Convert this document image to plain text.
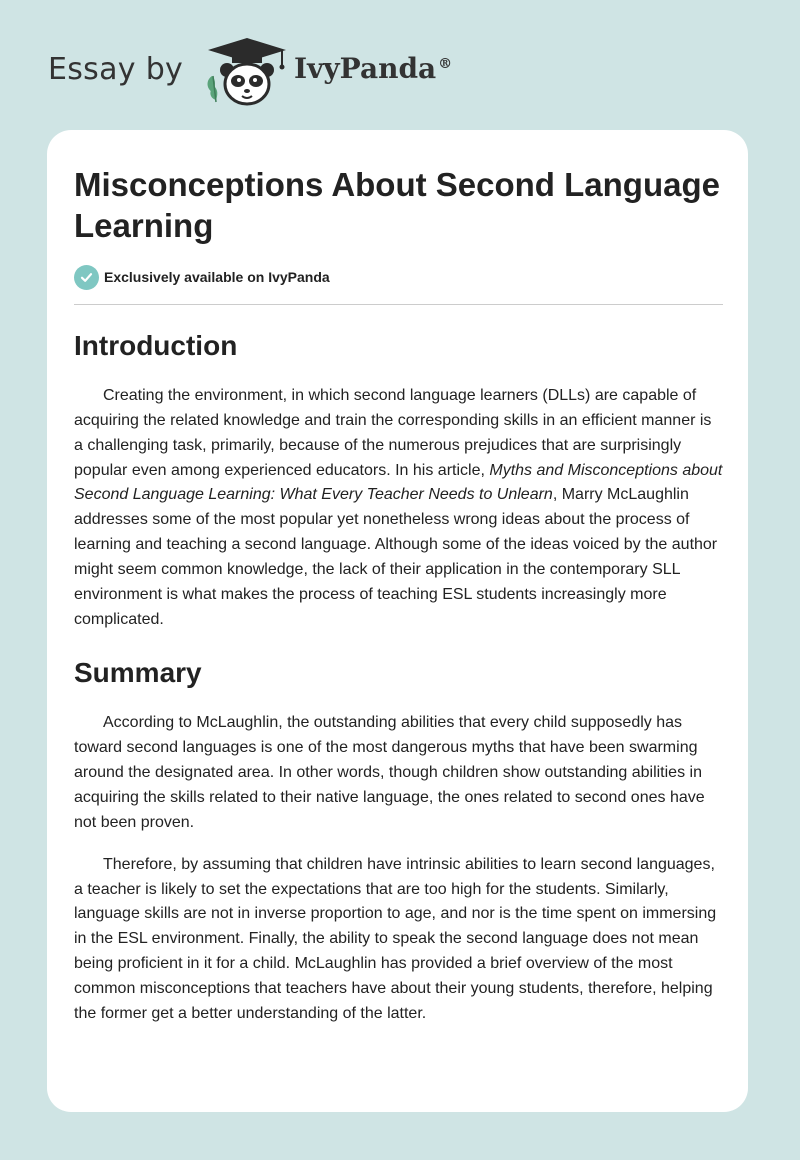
Essay by	IvyPanda ®
Misconceptions About Second Language Learning
Exclusively available on IvyPanda
Introduction

Creating the environment, in which second language learners (DLLs) are capable of acquiring the related knowledge and train the corresponding skills in an efficient manner is a challenging task, primarily, because of the numerous prejudices that are surprisingly popular even among experienced educators. In his article, Myths and Misconceptions about Second Language Learning: What Every Teacher Needs to Unlearn, Marry McLaughlin addresses some of the most popular yet nonetheless wrong ideas about the process of learning and teaching a second language. Although some of the ideas voiced by the author might seem common knowledge, the lack of their application in the contemporary SLL environment is what makes the process of teaching ESL students increasingly more complicated.

Summary

According to McLaughlin, the outstanding abilities that every child supposedly has toward second languages is one of the most dangerous myths that have been swarming around the designated area. In other words, though children show outstanding abilities in acquiring the skills related to their native language, the ones related to second ones have not been proven.

Therefore, by assuming that children have intrinsic abilities to learn second languages, a teacher is likely to set the expectations that are too high for the students. Similarly, language skills are not in inverse proportion to age, and nor is the time spent on immersing in the ESL environment. Finally, the ability to speak the second language does not mean being proficient in it for a child. McLaughlin has provided a brief overview of the most common misconceptions that teachers have about their young students, therefore, helping the former get a better understanding of the latter.
